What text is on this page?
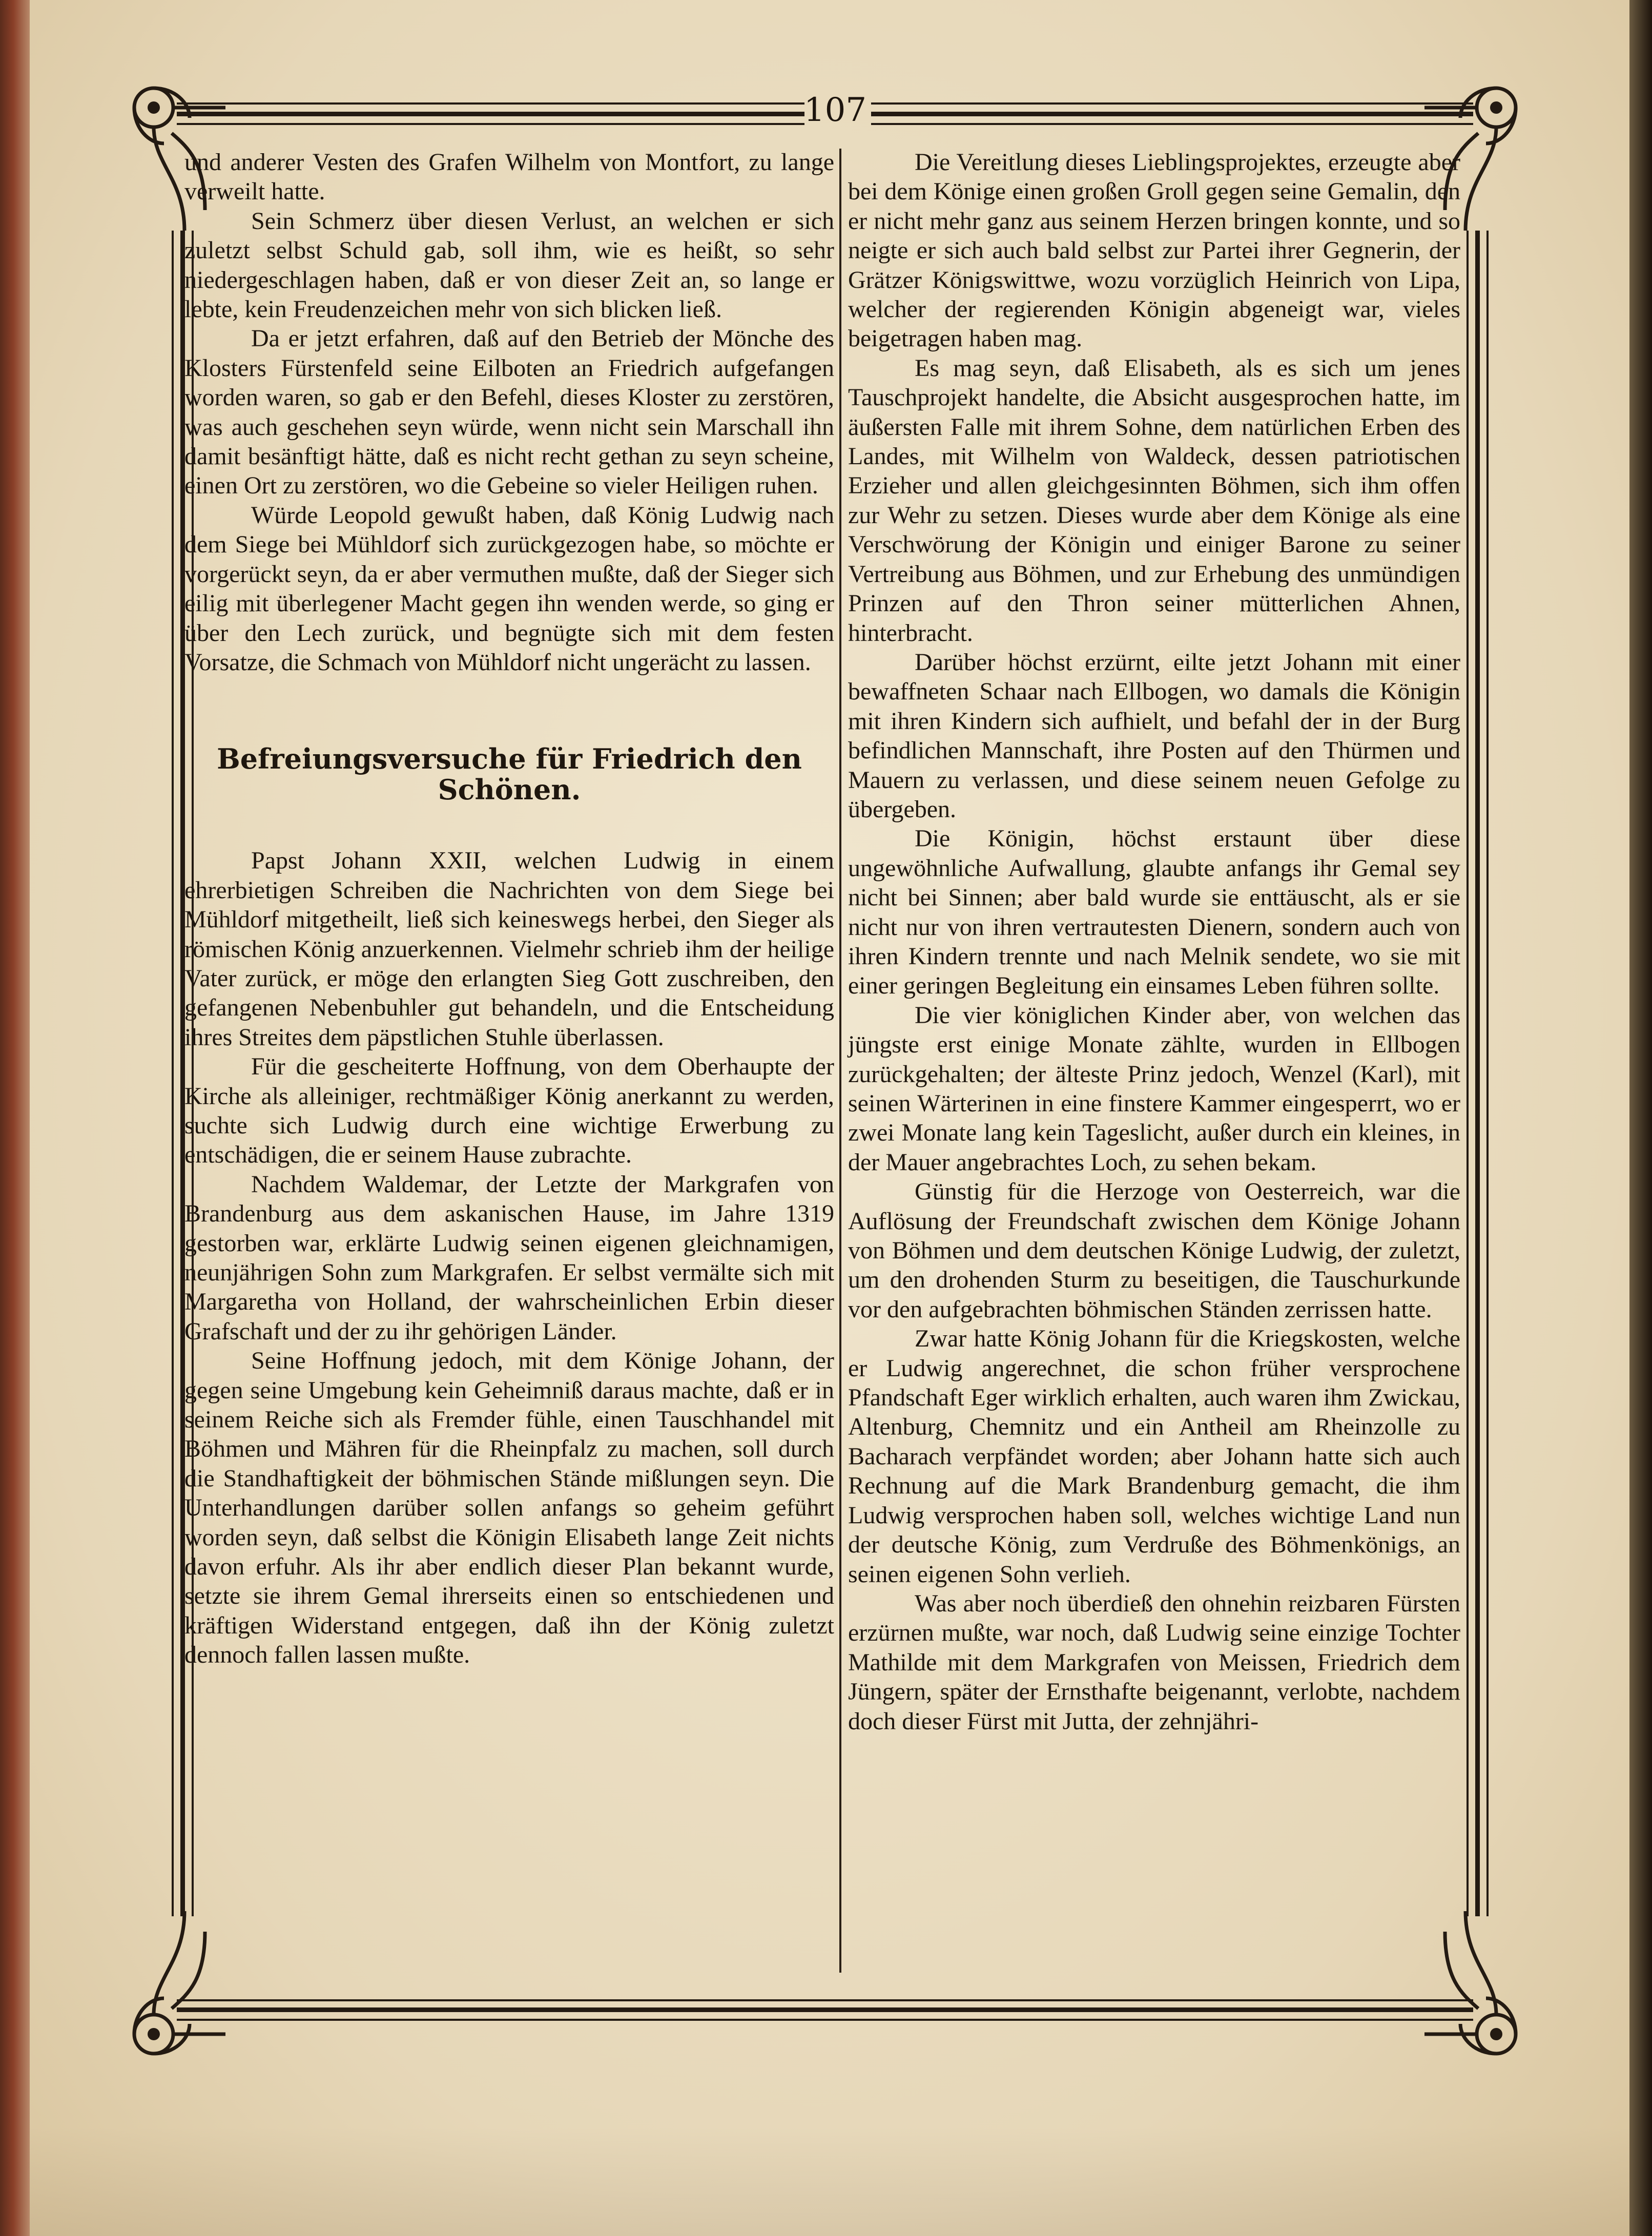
107

und anderer Vesten des Grafen Wilhelm von Montfort, zu lange verweilt hatte.

Sein Schmerz über diesen Verlust, an welchen er sich zuletzt selbst Schuld gab, soll ihm, wie es heißt, so sehr niedergeschlagen haben, daß er von dieser Zeit an, so lange er lebte, kein Freudenzeichen mehr von sich blicken ließ.

Da er jetzt erfahren, daß auf den Betrieb der Mönche des Klosters Fürstenfeld seine Eilboten an Friedrich aufgefangen worden waren, so gab er den Befehl, dieses Kloster zu zerstören, was auch geschehen seyn würde, wenn nicht sein Marschall ihn damit besänftigt hätte, daß es nicht recht gethan zu seyn scheine, einen Ort zu zerstören, wo die Gebeine so vieler Heiligen ruhen.

Würde Leopold gewußt haben, daß König Ludwig nach dem Siege bei Mühldorf sich zurückgezogen habe, so möchte er vorgerückt seyn, da er aber vermuthen mußte, daß der Sieger sich eilig mit überlegener Macht gegen ihn wenden werde, so ging er über den Lech zurück, und begnügte sich mit dem festen Vorsatze, die Schmach von Mühldorf nicht ungerächt zu lassen.

Befreiungsversuche für Friedrich den Schönen.

Papst Johann XXII, welchen Ludwig in einem ehrerbietigen Schreiben die Nachrichten von dem Siege bei Mühldorf mitgetheilt, ließ sich keineswegs herbei, den Sieger als römischen König anzuerkennen. Vielmehr schrieb ihm der heilige Vater zurück, er möge den erlangten Sieg Gott zuschreiben, den gefangenen Nebenbuhler gut behandeln, und die Entscheidung ihres Streites dem päpstlichen Stuhle überlassen.

Für die gescheiterte Hoffnung, von dem Oberhaupte der Kirche als alleiniger, rechtmäßiger König anerkannt zu werden, suchte sich Ludwig durch eine wichtige Erwerbung zu entschädigen, die er seinem Hause zubrachte.

Nachdem Waldemar, der Letzte der Markgrafen von Brandenburg aus dem askanischen Hause, im Jahre 1319 gestorben war, erklärte Ludwig seinen eigenen gleichnamigen, neunjährigen Sohn zum Markgrafen. Er selbst vermälte sich mit Margaretha von Holland, der wahrscheinlichen Erbin dieser Grafschaft und der zu ihr gehörigen Länder.

Seine Hoffnung jedoch, mit dem Könige Johann, der gegen seine Umgebung kein Geheimniß daraus machte, daß er in seinem Reiche sich als Fremder fühle, einen Tauschhandel mit Böhmen und Mähren für die Rheinpfalz zu machen, soll durch die Standhaftigkeit der böhmischen Stände mißlungen seyn. Die Unterhandlungen darüber sollen anfangs so geheim geführt worden seyn, daß selbst die Königin Elisabeth lange Zeit nichts davon erfuhr. Als ihr aber endlich dieser Plan bekannt wurde, setzte sie ihrem Gemal ihrerseits einen so entschiedenen und kräftigen Widerstand entgegen, daß ihn der König zuletzt dennoch fallen lassen mußte.

Die Vereitlung dieses Lieblingsprojektes, erzeugte aber bei dem Könige einen großen Groll gegen seine Gemalin, den er nicht mehr ganz aus seinem Herzen bringen konnte, und so neigte er sich auch bald selbst zur Partei ihrer Gegnerin, der Grätzer Königswittwe, wozu vorzüglich Heinrich von Lipa, welcher der regierenden Königin abgeneigt war, vieles beigetragen haben mag.

Es mag seyn, daß Elisabeth, als es sich um jenes Tauschprojekt handelte, die Absicht ausgesprochen hatte, im äußersten Falle mit ihrem Sohne, dem natürlichen Erben des Landes, mit Wilhelm von Waldeck, dessen patriotischen Erzieher und allen gleichgesinnten Böhmen, sich ihm offen zur Wehr zu setzen. Dieses wurde aber dem Könige als eine Verschwörung der Königin und einiger Barone zu seiner Vertreibung aus Böhmen, und zur Erhebung des unmündigen Prinzen auf den Thron seiner mütterlichen Ahnen, hinterbracht.

Darüber höchst erzürnt, eilte jetzt Johann mit einer bewaffneten Schaar nach Ellbogen, wo damals die Königin mit ihren Kindern sich aufhielt, und befahl der in der Burg befindlichen Mannschaft, ihre Posten auf den Thürmen und Mauern zu verlassen, und diese seinem neuen Gefolge zu übergeben.

Die Königin, höchst erstaunt über diese ungewöhnliche Aufwallung, glaubte anfangs ihr Gemal sey nicht bei Sinnen; aber bald wurde sie enttäuscht, als er sie nicht nur von ihren vertrautesten Dienern, sondern auch von ihren Kindern trennte und nach Melnik sendete, wo sie mit einer geringen Begleitung ein einsames Leben führen sollte.

Die vier königlichen Kinder aber, von welchen das jüngste erst einige Monate zählte, wurden in Ellbogen zurückgehalten; der älteste Prinz jedoch, Wenzel (Karl), mit seinen Wärterinen in eine finstere Kammer eingesperrt, wo er zwei Monate lang kein Tageslicht, außer durch ein kleines, in der Mauer angebrachtes Loch, zu sehen bekam.

Günstig für die Herzoge von Oesterreich, war die Auflösung der Freundschaft zwischen dem Könige Johann von Böhmen und dem deutschen Könige Ludwig, der zuletzt, um den drohenden Sturm zu beseitigen, die Tauschurkunde vor den aufgebrachten böhmischen Ständen zerrissen hatte.

Zwar hatte König Johann für die Kriegskosten, welche er Ludwig angerechnet, die schon früher versprochene Pfandschaft Eger wirklich erhalten, auch waren ihm Zwickau, Altenburg, Chemnitz und ein Antheil am Rheinzolle zu Bacharach verpfändet worden; aber Johann hatte sich auch Rechnung auf die Mark Brandenburg gemacht, die ihm Ludwig versprochen haben soll, welches wichtige Land nun der deutsche König, zum Verdruße des Böhmenkönigs, an seinen eigenen Sohn verlieh.

Was aber noch überdieß den ohnehin reizbaren Fürsten erzürnen mußte, war noch, daß Ludwig seine einzige Tochter Mathilde mit dem Markgrafen von Meissen, Friedrich dem Jüngern, später der Ernsthafte beigenannt, verlobte, nachdem doch dieser Fürst mit Jutta, der zehnjähri-
